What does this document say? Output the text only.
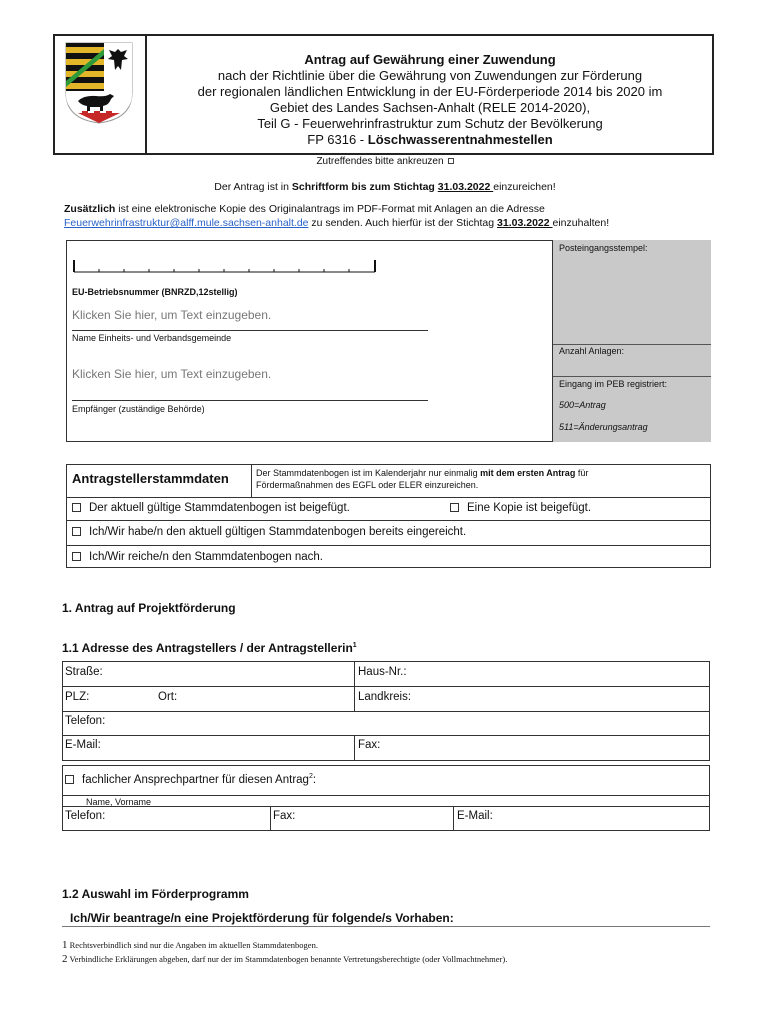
Antrag auf Gewährung einer Zuwendung
nach der Richtlinie über die Gewährung von Zuwendungen zur Förderung
der regionalen ländlichen Entwicklung in der EU-Förderperiode 2014 bis 2020 im
Gebiet des Landes Sachsen-Anhalt (RELE 2014-2020),
Teil G - Feuerwehrinfrastruktur zum Schutz der Bevölkerung
FP 6316 - Löschwasserentnahmestellen
Zutreffendes bitte ankreuzen
Der Antrag ist in Schriftform bis zum Stichtag 31.03.2022 einzureichen!
Zusätzlich ist eine elektronische Kopie des Originalantrags im PDF-Format mit Anlagen an die Adresse
Feuerwehrinfrastruktur@alff.mule.sachsen-anhalt.de zu senden. Auch hierfür ist der Stichtag 31.03.2022 einzuhalten!
EU-Betriebsnummer (BNRZD,12stellig)
Klicken Sie hier, um Text einzugeben.
Name Einheits- und Verbandsgemeinde
Klicken Sie hier, um Text einzugeben.
Empfänger (zuständige Behörde)
Posteingangsstempel:
Anzahl Anlagen:
Eingang im PEB registriert:
500=Antrag
511=Änderungsantrag
Antragstellerstammdaten	Der Stammdatenbogen ist im Kalenderjahr nur einmalig mit dem ersten Antrag für
Fördermaßnahmen des EGFL oder ELER einzureichen.
Der aktuell gültige Stammdatenbogen ist beigefügt.	Eine Kopie ist beigefügt.
Ich/Wir habe/n den aktuell gültigen Stammdatenbogen bereits eingereicht.
Ich/Wir reiche/n den Stammdatenbogen nach.
1. Antrag auf Projektförderung
1.1 Adresse des Antragstellers / der Antragstellerin$^1$
Straße:	Haus-Nr.:
PLZ:	Ort:	Landkreis:
Telefon:
E-Mail:	Fax:
fachlicher Ansprechpartner für diesen Antrag$^2$:
Name, Vorname
Telefon:	Fax:	E-Mail:
1.2 Auswahl im Förderprogramm
Ich/Wir beantrage/n eine Projektförderung für folgende/s Vorhaben:
1 Rechtsverbindlich sind nur die Angaben im aktuellen Stammdatenbogen.
2 Verbindliche Erklärungen abgeben, darf nur der im Stammdatenbogen benannte Vertretungsberechtigte (oder Vollmachtnehmer).
